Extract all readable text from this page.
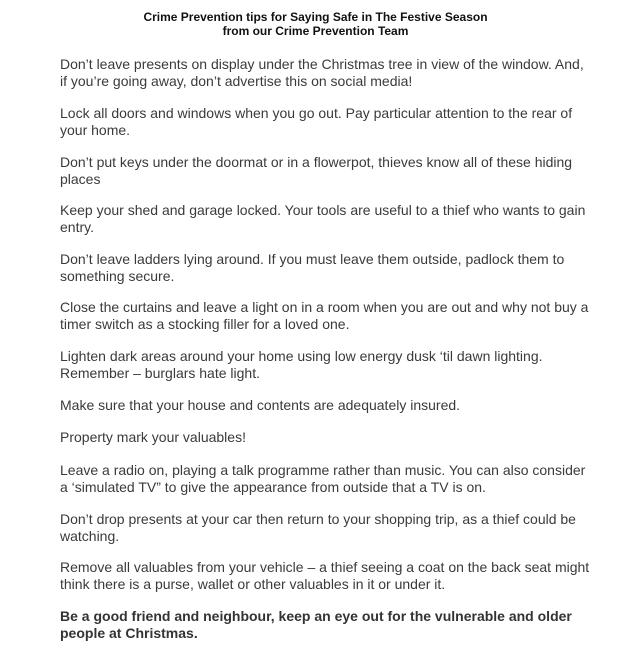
Crime Prevention tips for Saying Safe in The Festive Season
from our Crime Prevention Team

Don’t leave presents on display under the Christmas tree in view of the window. And, if you’re going away, don’t advertise this on social media!

Lock all doors and windows when you go out. Pay particular attention to the rear of your home.

Don’t put keys under the doormat or in a flowerpot, thieves know all of these hiding places

Keep your shed and garage locked. Your tools are useful to a thief who wants to gain entry.

Don’t leave ladders lying around. If you must leave them outside, padlock them to something secure.

Close the curtains and leave a light on in a room when you are out and why not buy a timer switch as a stocking filler for a loved one.

Lighten dark areas around your home using low energy dusk ‘til dawn lighting. Remember – burglars hate light.

Make sure that your house and contents are adequately insured.

Property mark your valuables!

Leave a radio on, playing a talk programme rather than music. You can also consider a ‘simulated TV” to give the appearance from outside that a TV is on.

Don’t drop presents at your car then return to your shopping trip, as a thief could be watching.

Remove all valuables from your vehicle – a thief seeing a coat on the back seat might think there is a purse, wallet or other valuables in it or under it.

Be a good friend and neighbour, keep an eye out for the vulnerable and older people at Christmas.
